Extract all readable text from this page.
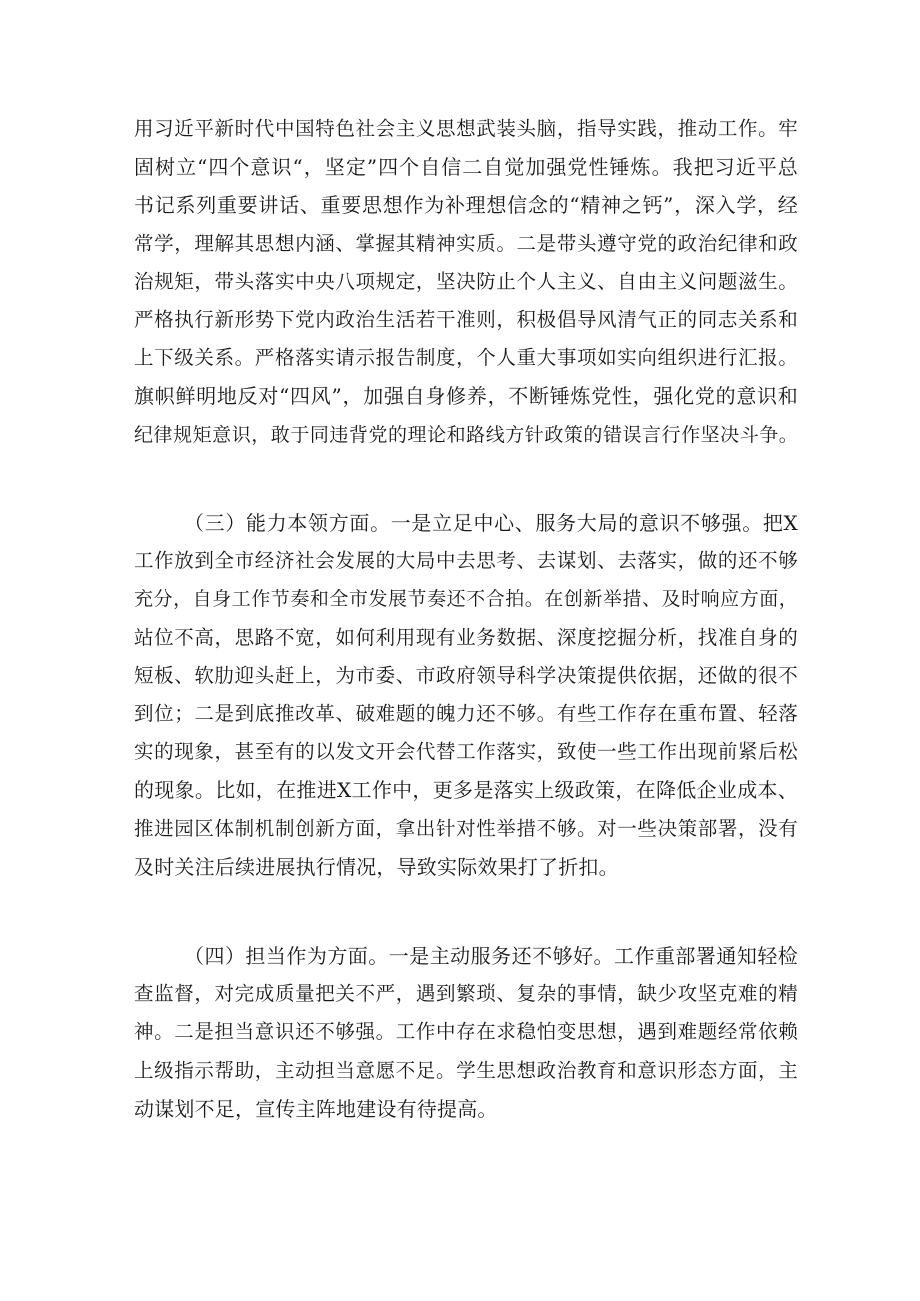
用习近平新时代中国特色社会主义思想武装头脑，指导实践，推动工作。牢
固树立“四个意识“，坚定”四个自信二自觉加强党性锤炼。我把习近平总
书记系列重要讲话、重要思想作为补理想信念的“精神之钙”，深入学，经
常学，理解其思想内涵、掌握其精神实质。二是带头遵守党的政治纪律和政
治规矩，带头落实中央八项规定，坚决防止个人主义、自由主义问题滋生。
严格执行新形势下党内政治生活若干准则，积极倡导风清气正的同志关系和
上下级关系。严格落实请示报告制度，个人重大事项如实向组织进行汇报。
旗帜鲜明地反对“四风”，加强自身修养，不断锤炼党性，强化党的意识和
纪律规矩意识，敢于同违背党的理论和路线方针政策的错误言行作坚决斗争。
（三）能力本领方面。一是立足中心、服务大局的意识不够强。把X
工作放到全市经济社会发展的大局中去思考、去谋划、去落实，做的还不够
充分，自身工作节奏和全市发展节奏还不合拍。在创新举措、及时响应方面，
站位不高，思路不宽，如何利用现有业务数据、深度挖掘分析，找准自身的
短板、软肋迎头赶上，为市委、市政府领导科学决策提供依据，还做的很不
到位；二是到底推改革、破难题的魄力还不够。有些工作存在重布置、轻落
实的现象，甚至有的以发文开会代替工作落实，致使一些工作出现前紧后松
的现象。比如，在推进X工作中，更多是落实上级政策，在降低企业成本、
推进园区体制机制创新方面，拿出针对性举措不够。对一些决策部署，没有
及时关注后续进展执行情况，导致实际效果打了折扣。
（四）担当作为方面。一是主动服务还不够好。工作重部署通知轻检
查监督，对完成质量把关不严，遇到繁琐、复杂的事情，缺少攻坚克难的精
神。二是担当意识还不够强。工作中存在求稳怕变思想，遇到难题经常依赖
上级指示帮助，主动担当意愿不足。学生思想政治教育和意识形态方面，主
动谋划不足，宣传主阵地建设有待提高。
